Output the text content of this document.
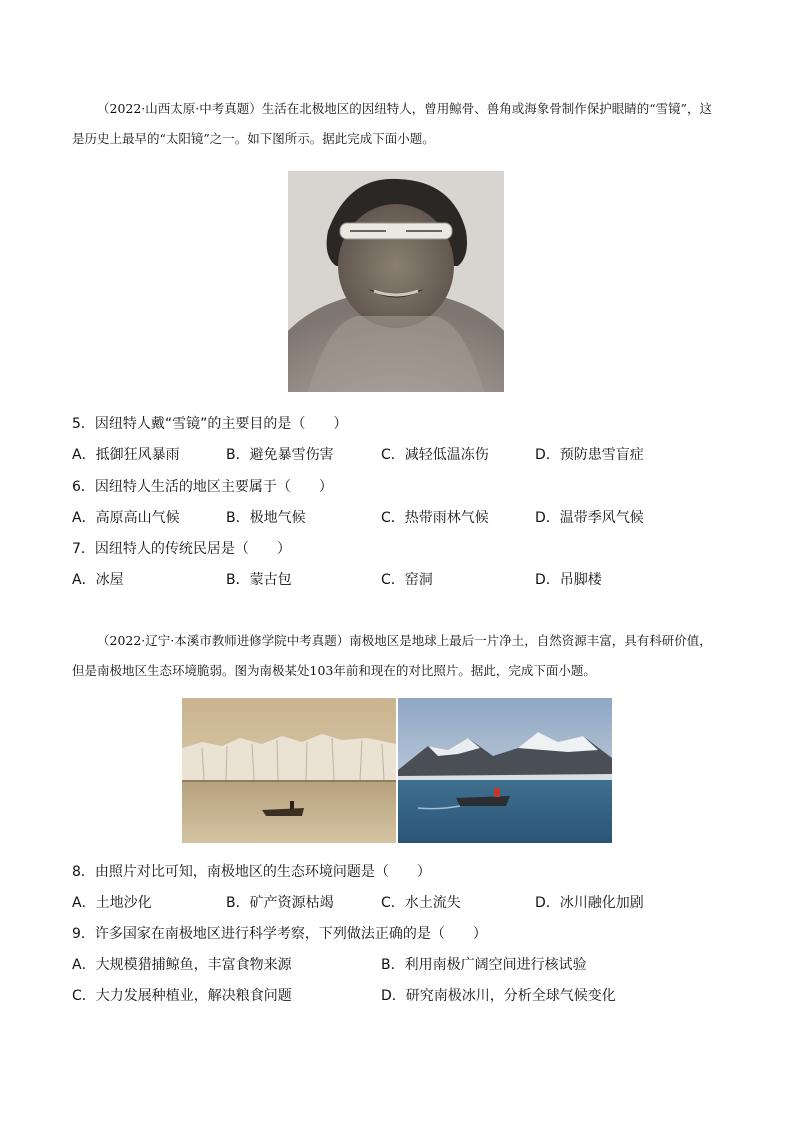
（2022·山西太原·中考真题）生活在北极地区的因纽特人，曾用鲸骨、兽角或海象骨制作保护眼睛的“雪镜”，这是历史上最早的“太阳镜”之一。如下图所示。据此完成下面小题。
5．因纽特人戴“雪镜”的主要目的是（　　）
A．抵御狂风暴雨	B．避免暴雪伤害	C．减轻低温冻伤	D．预防患雪盲症
6．因纽特人生活的地区主要属于（　　）
A．高原高山气候	B．极地气候	C．热带雨林气候	D．温带季风气候
7．因纽特人的传统民居是（　　）
A．冰屋	B．蒙古包	C．窑洞	D．吊脚楼
（2022·辽宁·本溪市教师进修学院中考真题）南极地区是地球上最后一片净土，自然资源丰富，具有科研价值，但是南极地区生态环境脆弱。图为南极某处103年前和现在的对比照片。据此，完成下面小题。
8．由照片对比可知，南极地区的生态环境问题是（　　）
A．土地沙化	B．矿产资源枯竭	C．水土流失	D．冰川融化加剧
9．许多国家在南极地区进行科学考察，下列做法正确的是（　　）
A．大规模猎捕鲸鱼，丰富食物来源	B．利用南极广阔空间进行核试验
C．大力发展种植业，解决粮食问题	D．研究南极冰川，分析全球气候变化
